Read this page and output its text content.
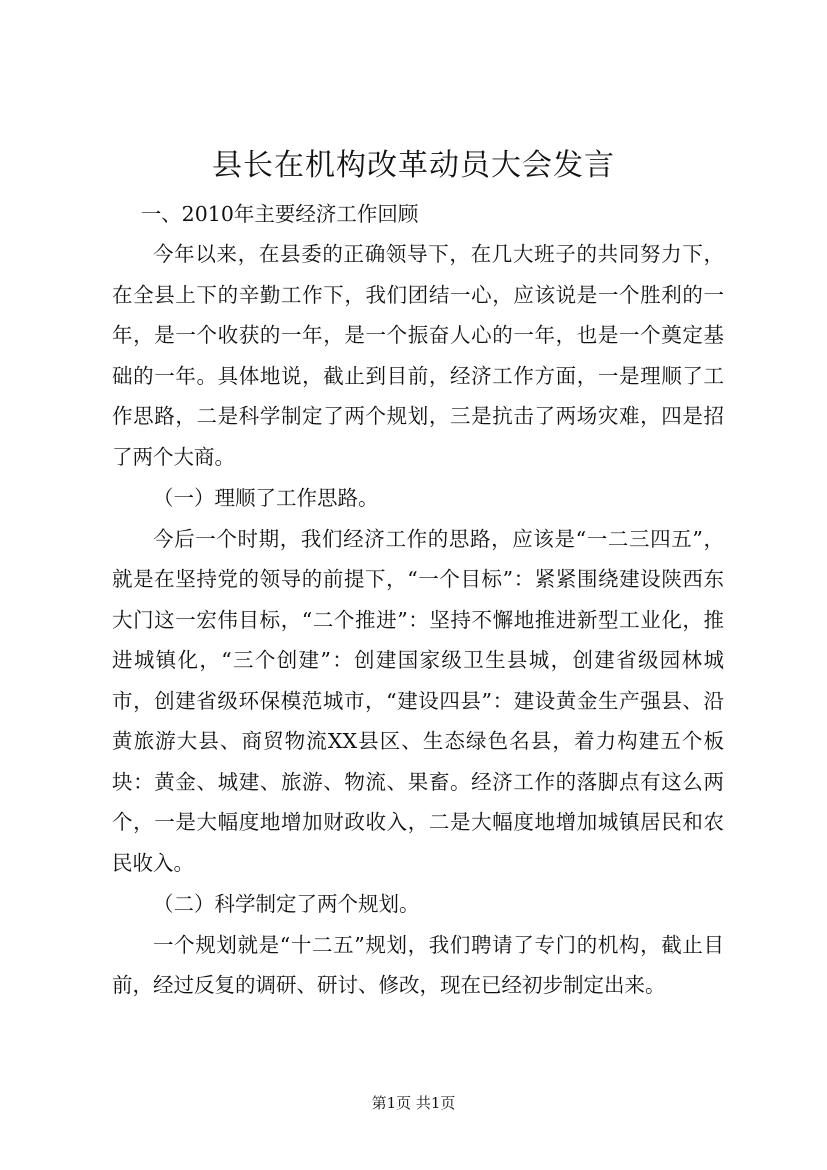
县长在机构改革动员大会发言

一、2010年主要经济工作回顾

今年以来，在县委的正确领导下，在几大班子的共同努力下，在全县上下的辛勤工作下，我们团结一心，应该说是一个胜利的一年，是一个收获的一年，是一个振奋人心的一年，也是一个奠定基础的一年。具体地说，截止到目前，经济工作方面，一是理顺了工作思路，二是科学制定了两个规划，三是抗击了两场灾难，四是招了两个大商。

（一）理顺了工作思路。

今后一个时期，我们经济工作的思路，应该是“一二三四五”，就是在坚持党的领导的前提下，“一个目标”：紧紧围绕建设陕西东大门这一宏伟目标，“二个推进”：坚持不懈地推进新型工业化，推进城镇化，“三个创建”：创建国家级卫生县城，创建省级园林城市，创建省级环保模范城市，“建设四县”：建设黄金生产强县、沿黄旅游大县、商贸物流XX县区、生态绿色名县，着力构建五个板块：黄金、城建、旅游、物流、果畜。经济工作的落脚点有这么两个，一是大幅度地增加财政收入，二是大幅度地增加城镇居民和农民收入。

（二）科学制定了两个规划。

一个规划就是“十二五”规划，我们聘请了专门的机构，截止目前，经过反复的调研、研讨、修改，现在已经初步制定出来。

第1页 共1页
